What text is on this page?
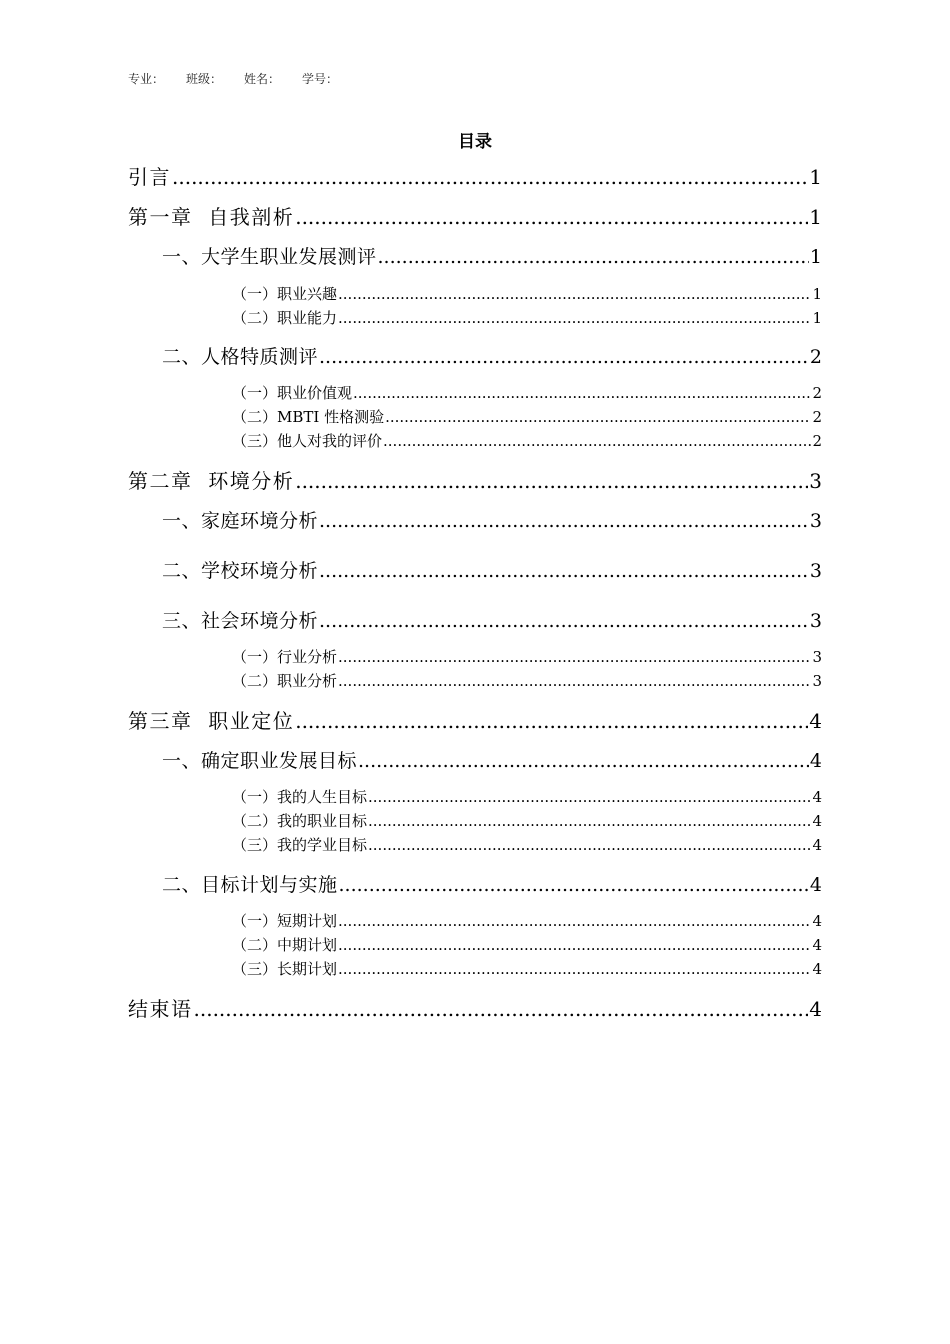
专业： 班级： 姓名： 学号：
目录
引言 .....	1
第一章  自我剖析 .....	1
一、大学生职业发展测评 .....	1
（一）职业兴趣 .....	1
（二）职业能力 .....	1
二、人格特质测评 .....	2
（一）职业价值观 .....	2
（二）MBTI 性格测验 .....	2
（三）他人对我的评价 .....	2
第二章  环境分析 .....	3
一、家庭环境分析 .....	3
二、学校环境分析 .....	3
三、社会环境分析 .....	3
（一）行业分析 .....	3
（二）职业分析 .....	3
第三章  职业定位 .....	4
一、确定职业发展目标 .....	4
（一）我的人生目标 .....	4
（二）我的职业目标 .....	4
（三）我的学业目标 .....	4
二、目标计划与实施 .....	4
（一）短期计划 .....	4
（二）中期计划 .....	4
（三）长期计划 .....	4
结束语 .....	4
